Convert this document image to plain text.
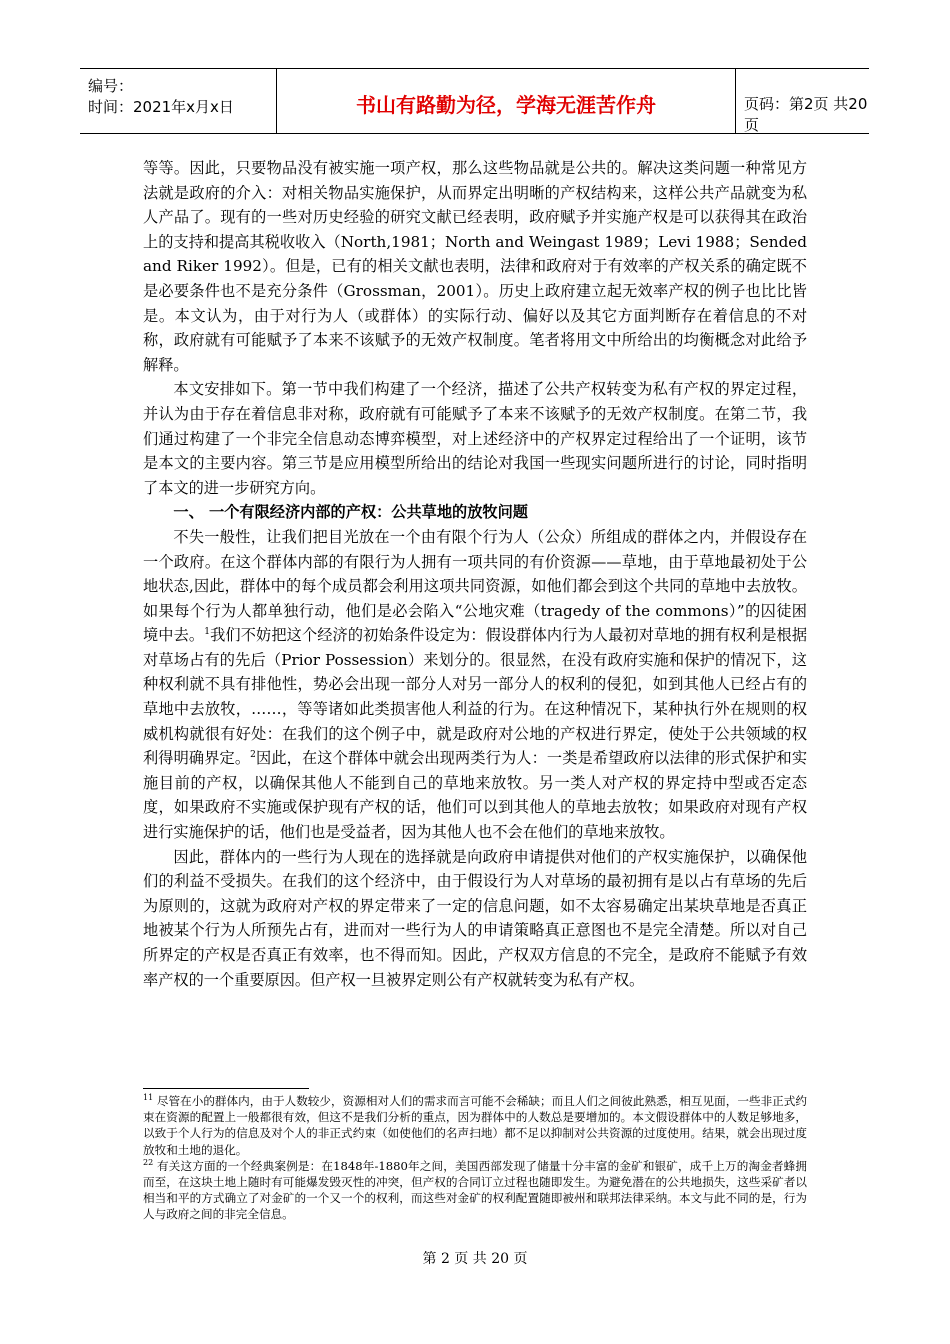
编号：
时间：2021年x月x日	书山有路勤为径，学海无涯苦作舟	页码：第2页 共20页

等等。因此，只要物品没有被实施一项产权，那么这些物品就是公共的。解决这类问题一种常见方法就是政府的介入：对相关物品实施保护，从而界定出明晰的产权结构来，这样公共产品就变为私人产品了。现有的一些对历史经验的研究文献已经表明，政府赋予并实施产权是可以获得其在政治上的支持和提高其税收收入（North,1981；North and Weingast 1989；Levi 1988；Sended and Riker 1992）。但是，已有的相关文献也表明，法律和政府对于有效率的产权关系的确定既不是必要条件也不是充分条件（Grossman，2001）。历史上政府建立起无效率产权的例子也比比皆是。本文认为，由于对行为人（或群体）的实际行动、偏好以及其它方面判断存在着信息的不对称，政府就有可能赋予了本来不该赋予的无效产权制度。笔者将用文中所给出的均衡概念对此给予解释。

本文安排如下。第一节中我们构建了一个经济，描述了公共产权转变为私有产权的界定过程，并认为由于存在着信息非对称，政府就有可能赋予了本来不该赋予的无效产权制度。在第二节，我们通过构建了一个非完全信息动态博弈模型，对上述经济中的产权界定过程给出了一个证明，该节是本文的主要内容。第三节是应用模型所给出的结论对我国一些现实问题所进行的讨论，同时指明了本文的进一步研究方向。

一、 一个有限经济内部的产权：公共草地的放牧问题

不失一般性，让我们把目光放在一个由有限个行为人（公众）所组成的群体之内，并假设存在一个政府。在这个群体内部的有限行为人拥有一项共同的有价资源——草地，由于草地最初处于公地状态,因此，群体中的每个成员都会利用这项共同资源，如他们都会到这个共同的草地中去放牧。如果每个行为人都单独行动，他们是必会陷入“公地灾难（tragedy of the commons）”的囚徒困境中去。$^1$我们不妨把这个经济的初始条件设定为：假设群体内行为人最初对草地的拥有权利是根据对草场占有的先后（Prior Possession）来划分的。很显然，在没有政府实施和保护的情况下，这种权利就不具有排他性，势必会出现一部分人对另一部分人的权利的侵犯，如到其他人已经占有的草地中去放牧，……，等等诸如此类损害他人利益的行为。在这种情况下，某种执行外在规则的权威机构就很有好处：在我们的这个例子中，就是政府对公地的产权进行界定，使处于公共领域的权利得明确界定。$^2$因此，在这个群体中就会出现两类行为人：一类是希望政府以法律的形式保护和实施目前的产权，以确保其他人不能到自己的草地来放牧。另一类人对产权的界定持中型或否定态度，如果政府不实施或保护现有产权的话，他们可以到其他人的草地去放牧；如果政府对现有产权进行实施保护的话，他们也是受益者，因为其他人也不会在他们的草地来放牧。

因此，群体内的一些行为人现在的选择就是向政府申请提供对他们的产权实施保护，以确保他们的利益不受损失。在我们的这个经济中，由于假设行为人对草场的最初拥有是以占有草场的先后为原则的，这就为政府对产权的界定带来了一定的信息问题，如不太容易确定出某块草地是否真正地被某个行为人所预先占有，进而对一些行为人的申请策略真正意图也不是完全清楚。所以对自己所界定的产权是否真正有效率，也不得而知。因此，产权双方信息的不完全，是政府不能赋予有效率产权的一个重要原因。但产权一旦被界定则公有产权就转变为私有产权。

$^{11}$ 尽管在小的群体内，由于人数较少，资源相对人们的需求而言可能不会稀缺；而且人们之间彼此熟悉，相互见面，一些非正式约束在资源的配置上一般都很有效，但这不是我们分析的重点，因为群体中的人数总是要增加的。本文假设群体中的人数足够地多，以致于个人行为的信息及对个人的非正式约束（如使他们的名声扫地）都不足以抑制对公共资源的过度使用。结果，就会出现过度放牧和土地的退化。

$^{22}$ 有关这方面的一个经典案例是：在1848年-1880年之间，美国西部发现了储量十分丰富的金矿和银矿，成千上万的淘金者蜂拥而至，在这块土地上随时有可能爆发毁灭性的冲突，但产权的合同订立过程也随即发生。为避免潜在的公共地损失，这些采矿者以相当和平的方式确立了对金矿的一个又一个的权利，而这些对金矿的权利配置随即被州和联邦法律采纳。本文与此不同的是，行为人与政府之间的非完全信息。

第 2 页 共 20 页
